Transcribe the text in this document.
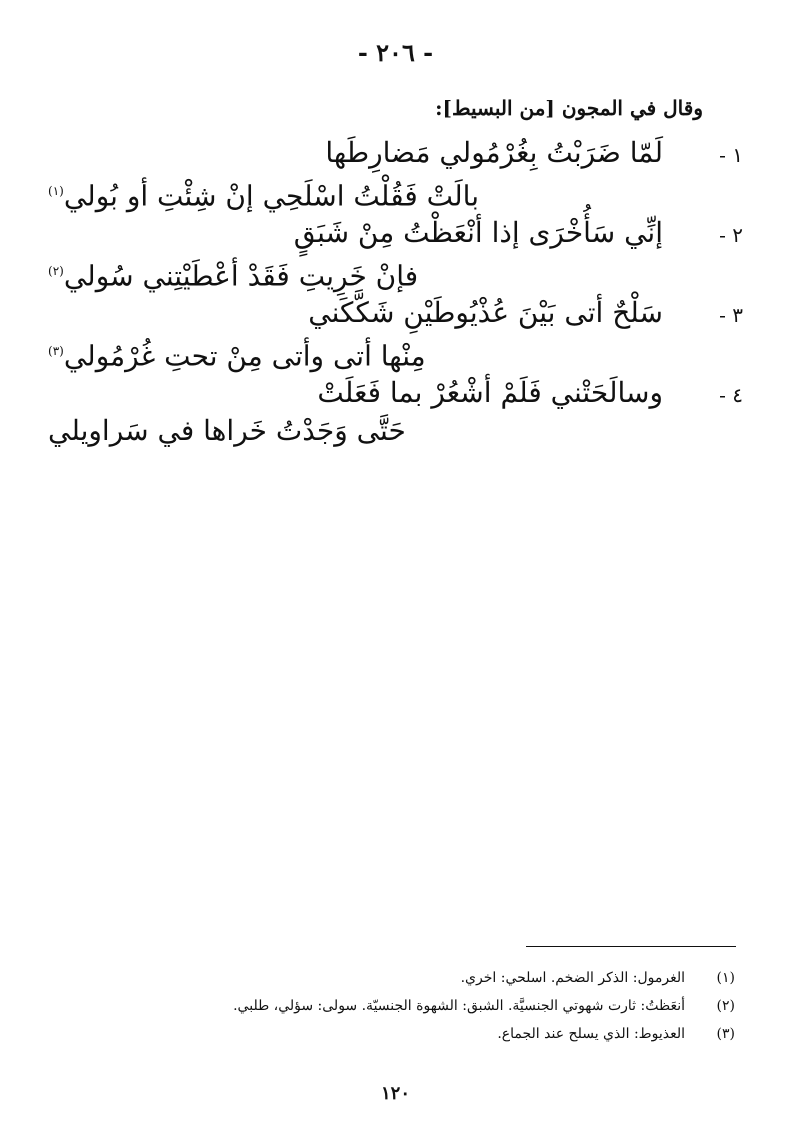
- ٢٠٦ -
وقال في المجون [من البسيط]:
١ -
لَمّا ضَرَبْتُ بِغُرْمُولي مَضارِطَها
بالَتْ فَقُلْتُ اسْلَحِي إنْ شِئْتِ أو بُولي$^{(١)}$
٢ -
إنِّي سَأُخْرَى إذا أنْعَظْتُ مِنْ شَبَقٍ
فإنْ خَرِيتِ فَقَدْ أعْطَيْتِني سُولي$^{(٢)}$
٣ -
سَلْحٌ أتى بَيْنَ عُذْيُوطَيْنِ شَكَّكَني
مِنْها أتى وأتى مِنْ تحتِ غُرْمُولي$^{(٣)}$
٤ -
وسالَحَتْني فَلَمْ أشْعُرْ بما فَعَلَتْ
حَتَّى وَجَدْتُ خَراها في سَراويلي
(١)الغرمول: الذكر الضخم. اسلحي: اخري.
(٢)أنعَظتُ: ثارت شهوتي الجنسيَّة. الشبق: الشهوة الجنسيّة. سولى: سؤلي، طلبي.
(٣)العذيوط: الذي يسلح عند الجماع.
١٢٠
